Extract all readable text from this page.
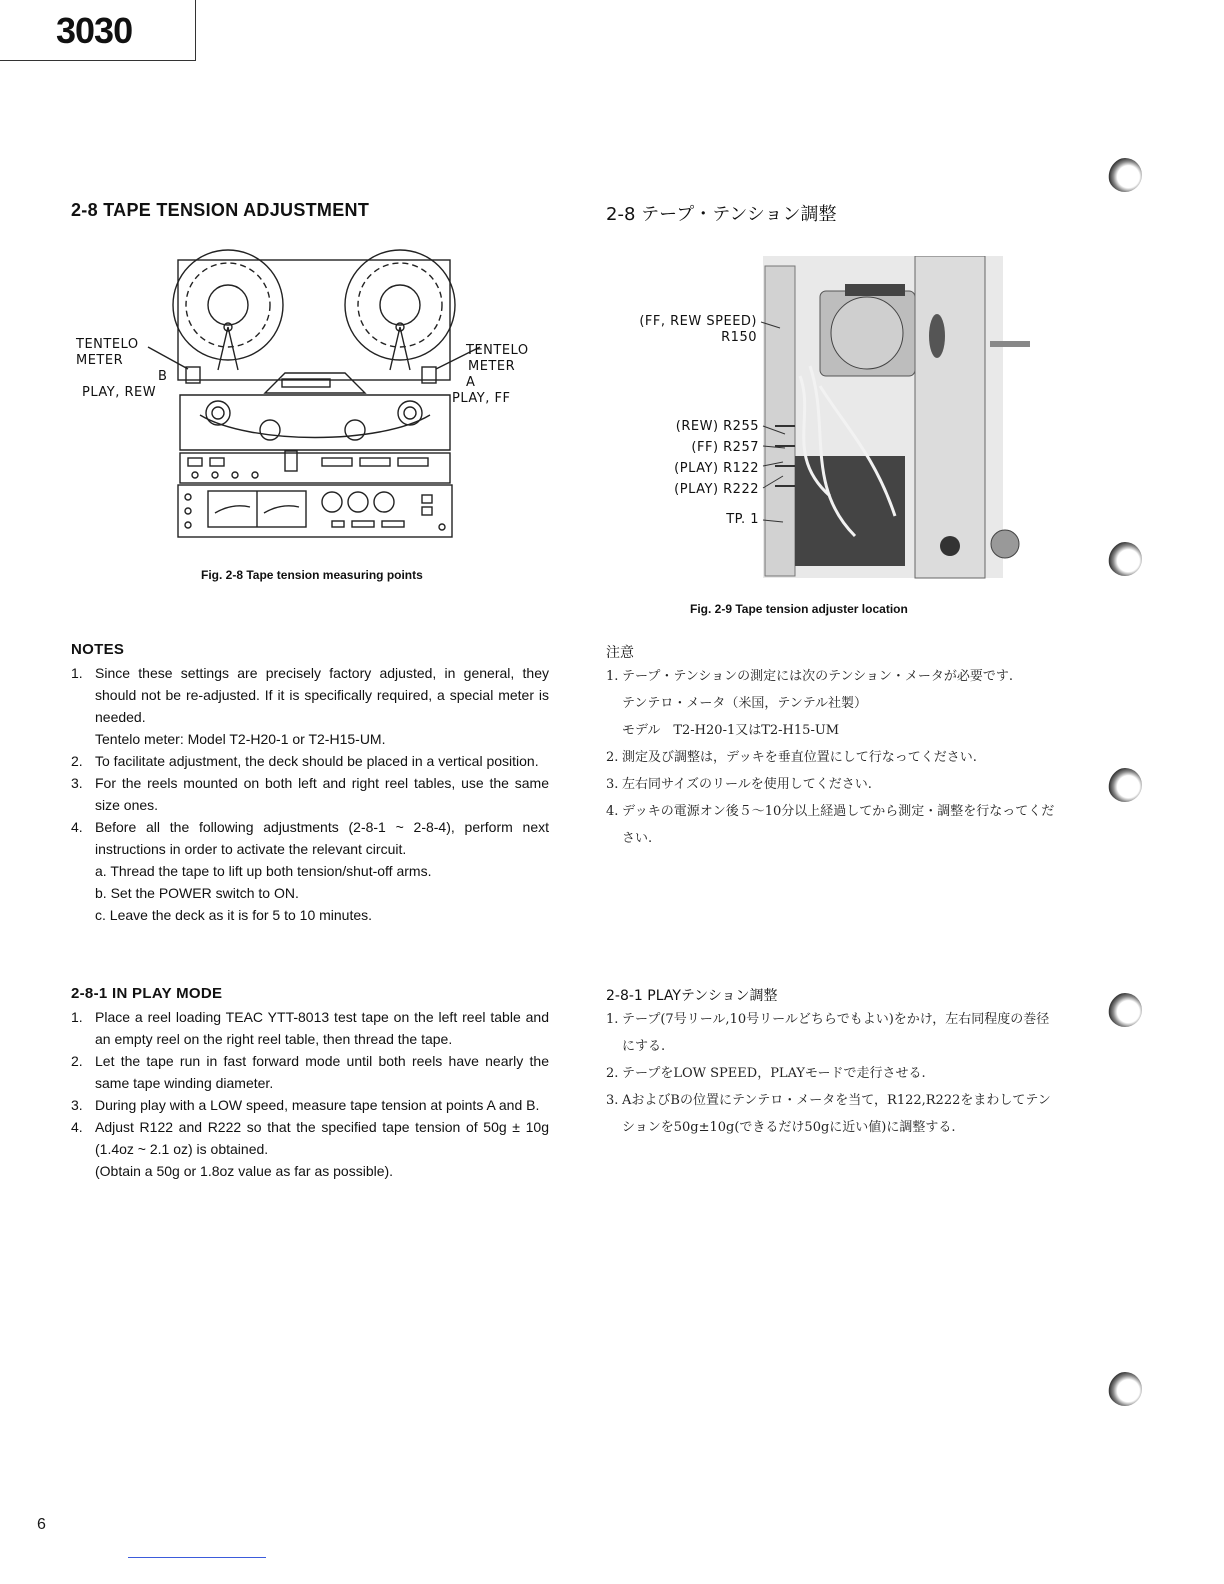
3030
2-8 TAPE TENSION ADJUSTMENT
TENTELO
METER
B
PLAY, REW
TENTELO
METER
A
PLAY, FF
Fig. 2-8 Tape tension measuring points
NOTES
1. Since these settings are precisely factory adjusted, in general, they should not be re-adjusted. If it is specifically required, a special meter is needed.
Tentelo meter: Model T2-H20-1 or T2-H15-UM.
2. To facilitate adjustment, the deck should be placed in a vertical position.
3. For the reels mounted on both left and right reel tables, use the same size ones.
4. Before all the following adjustments (2-8-1 ~ 2-8-4), perform next instructions in order to activate the relevant circuit.
a. Thread the tape to lift up both tension/shut-off arms.
b. Set the POWER switch to ON.
c. Leave the deck as it is for 5 to 10 minutes.
2-8-1 IN PLAY MODE
1. Place a reel loading TEAC YTT-8013 test tape on the left reel table and an empty reel on the right reel table, then thread the tape.
2. Let the tape run in fast forward mode until both reels have nearly the same tape winding diameter.
3. During play with a LOW speed, measure tape tension at points A and B.
4. Adjust R122 and R222 so that the specified tape tension of 50g ± 10g (1.4oz ~ 2.1 oz) is obtained.
(Obtain a 50g or 1.8oz value as far as possible).
2-8 テープ・テンション調整
(FF, REW SPEED)
R150
(REW) R255
(FF) R257
(PLAY) R122
(PLAY) R222
TP. 1
Fig. 2-9 Tape tension adjuster location
注意
1. テープ・テンションの測定には次のテンション・メータが必要です.
テンテロ・メータ（米国，テンテル社製）
モデル　T2-H20-1又はT2-H15-UM
2. 測定及び調整は，デッキを垂直位置にして行なってください.
3. 左右同サイズのリールを使用してください.
4. デッキの電源オン後５～10分以上経過してから測定・調整を行なってください.
2-8-1 PLAYテンション調整
1. テープ(7号リール,10号リールどちらでもよい)をかけ，左右同程度の巻径にする.
2. テープをLOW SPEED，PLAYモードで走行させる.
3. AおよびBの位置にテンテロ・メータを当て，R122,R222をまわしてテンションを50g±10g(できるだけ50gに近い値)に調整する.
6
